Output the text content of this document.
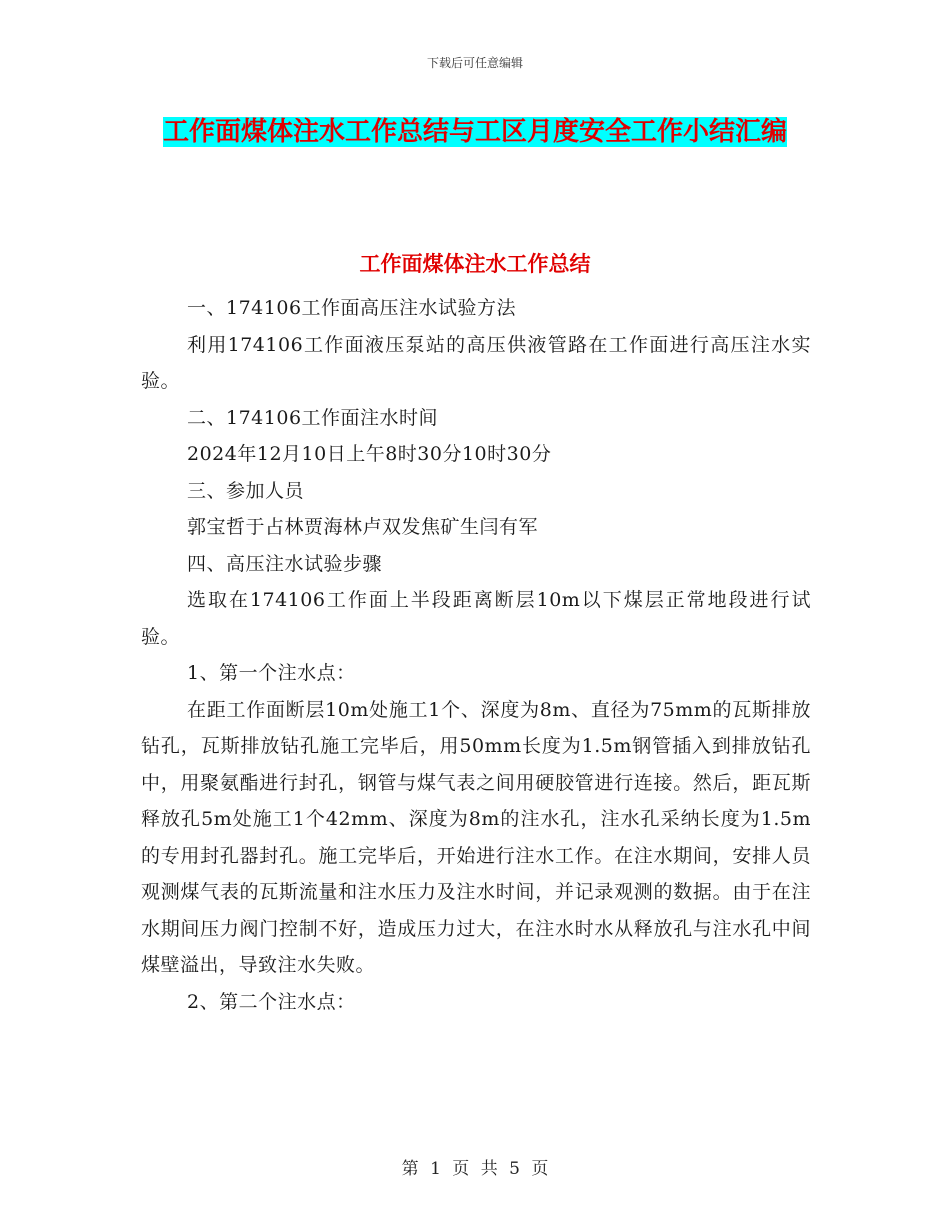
下载后可任意编辑
工作面煤体注水工作总结与工区月度安全工作小结汇编
工作面煤体注水工作总结

一、174106工作面高压注水试验方法

利用174106工作面液压泵站的高压供液管路在工作面进行高压注水实验。

二、174106工作面注水时间

2024年12月10日上午8时30分10时30分

三、参加人员

郭宝哲于占林贾海林卢双发焦矿生闫有军

四、高压注水试验步骤

选取在174106工作面上半段距离断层10m以下煤层正常地段进行试验。

1、第一个注水点：

在距工作面断层10m处施工1个、深度为8m、直径为75mm的瓦斯排放钻孔，瓦斯排放钻孔施工完毕后，用50mm长度为1.5m钢管插入到排放钻孔中，用聚氨酯进行封孔，钢管与煤气表之间用硬胶管进行连接。然后，距瓦斯释放孔5m处施工1个42mm、深度为8m的注水孔，注水孔采纳长度为1.5m的专用封孔器封孔。施工完毕后，开始进行注水工作。在注水期间，安排人员观测煤气表的瓦斯流量和注水压力及注水时间，并记录观测的数据。由于在注水期间压力阀门控制不好，造成压力过大，在注水时水从释放孔与注水孔中间煤壁溢出，导致注水失败。

2、第二个注水点：

第 1 页 共 5 页
